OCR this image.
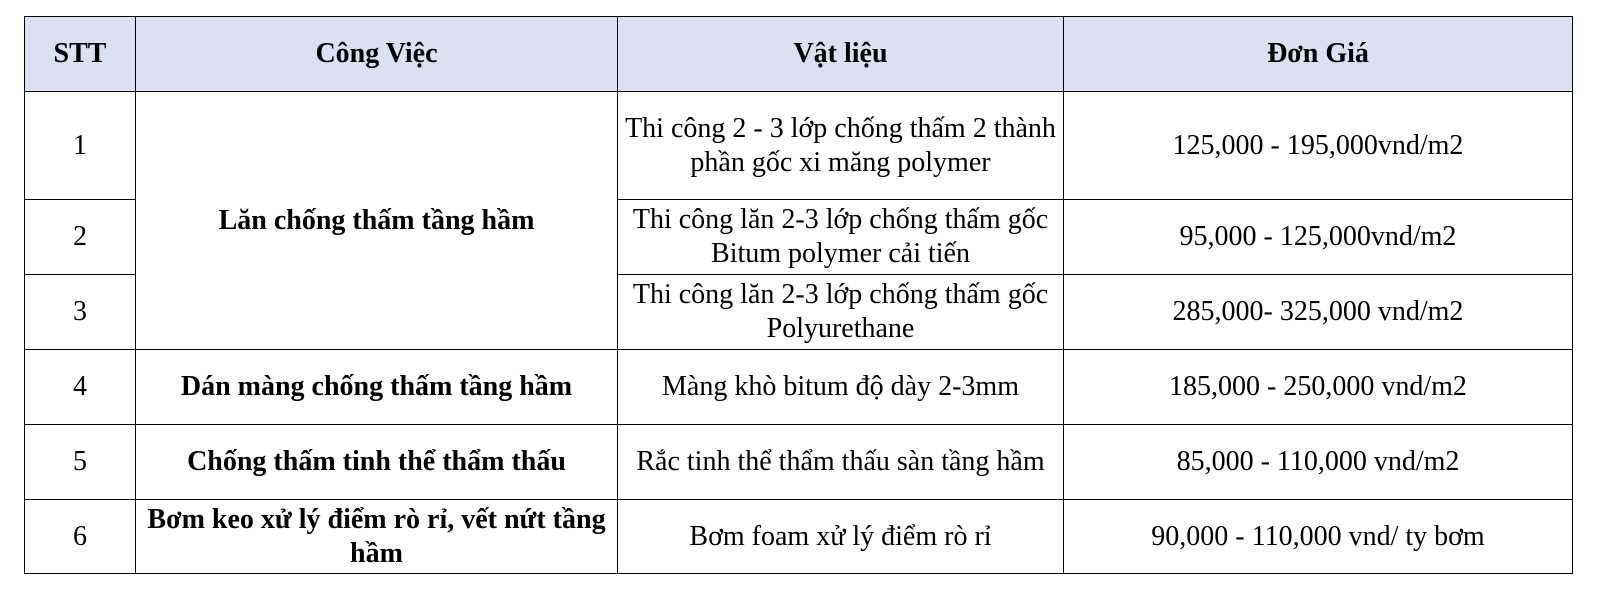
STT	Công Việc	Vật liệu	Đơn Giá
1	Lăn chống thấm tầng hầm	Thi công 2 - 3 lớp chống thấm 2 thành phần gốc xi măng polymer	125,000 - 195,000vnd/m2
2		Thi công lăn 2-3 lớp chống thấm gốc Bitum polymer cải tiến	95,000 - 125,000vnd/m2
3		Thi công lăn 2-3 lớp chống thấm gốc Polyurethane	285,000- 325,000 vnd/m2
4	Dán màng chống thấm tầng hầm	Màng khò bitum độ dày 2-3mm	185,000 - 250,000 vnd/m2
5	Chống thấm tinh thể thẩm thấu	Rắc tinh thể thẩm thấu sàn tầng hầm	85,000 - 110,000 vnd/m2
6	Bơm keo xử lý điểm rò rỉ, vết nứt tầng hầm	Bơm foam xử lý điểm rò rỉ	90,000 - 110,000 vnd/ ty bơm
